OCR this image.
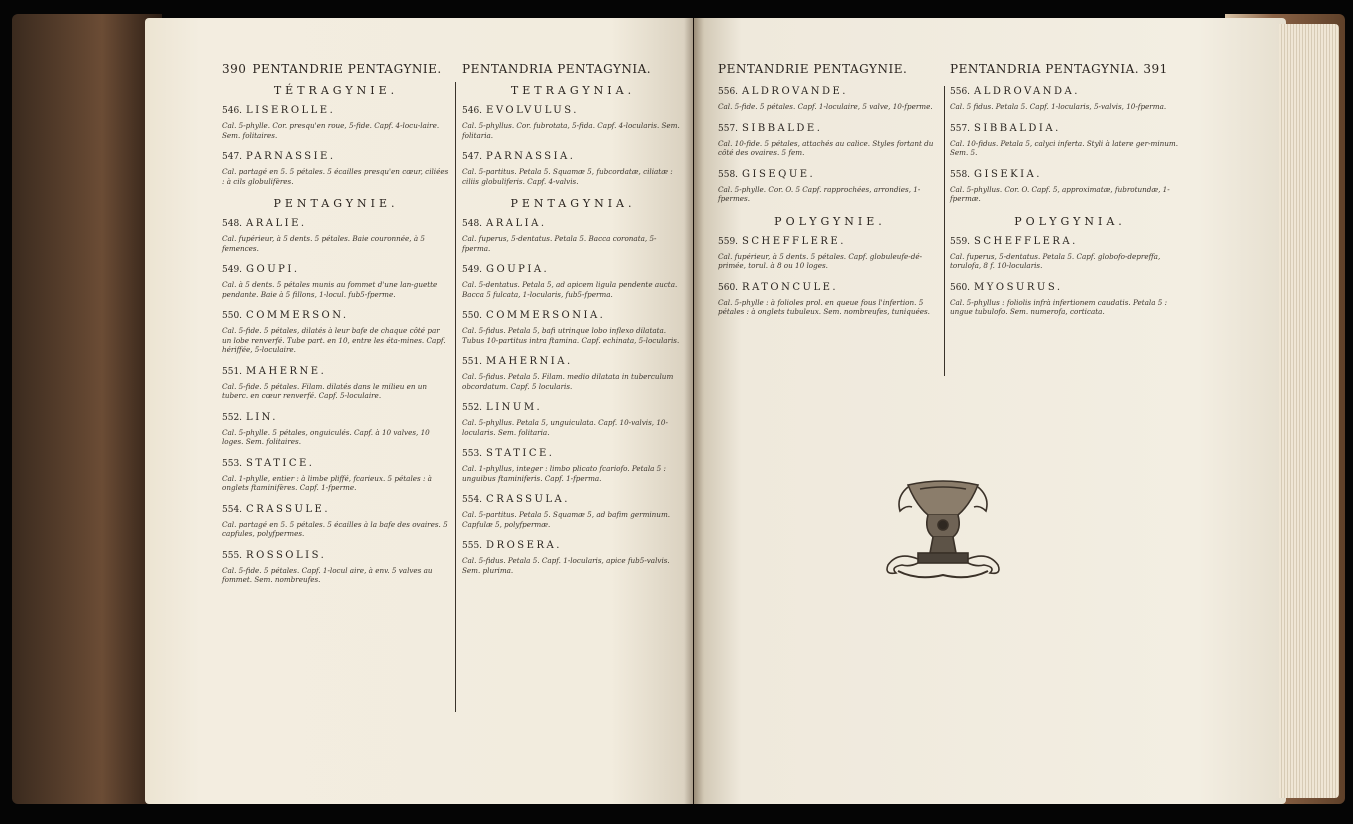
390 PENTANDRIE PENTAGYNIE.
TÉTRAGYNIE.
546. LISEROLLE.
Cal. 5-phylle. Cor. presqu'en roue, 5-fide. Capf. 4-locu-laire. Sem. folitaires.
547. PARNASSIE.
Cal. partagé en 5. 5 pétales. 5 écailles presqu'en cœur, ciliées : à cils globulifères.
PENTAGYNIE.
548. ARALIE.
Cal. fupérieur, à 5 dents. 5 pétales. Baie couronnée, à 5 femences.
549. GOUPI.
Cal. à 5 dents. 5 pétales munis au fommet d'une lan-guette pendante. Baie à 5 fillons, 1-locul. fub5-fperme.
550. COMMERSON.
Cal. 5-fide. 5 pétales, dilatés à leur bafe de chaque côté par un lobe renverfé. Tube part. en 10, entre les éta-mines. Capf. hériffée, 5-loculaire.
551. MAHERNE.
Cal. 5-fide. 5 pétales. Filam. dilatés dans le milieu en un tuberc. en cœur renverfé. Capf. 5-loculaire.
552. LIN.
Cal. 5-phylle. 5 pétales, onguiculés. Capf. à 10 valves, 10 loges. Sem. folitaires.
553. STATICE.
Cal. 1-phylle, entier : à limbe pliffé, fcarieux. 5 pétales : à onglets ftaminifères. Capf. 1-fperme.
554. CRASSULE.
Cal. partagé en 5. 5 pétales. 5 écailles à la bafe des ovaires. 5 capfules, polyfpermes.
555. ROSSOLIS.
Cal. 5-fide. 5 pétales. Capf. 1-locul aire, à env. 5 valves au fommet. Sem. nombreufes.
PENTANDRIA PENTAGYNIA.
TETRAGYNIA.
546. EVOLVULUS.
Cal. 5-phyllus. Cor. fubrotata, 5-fida. Capf. 4-locularis. Sem. folitaria.
547. PARNASSIA.
Cal. 5-partitus. Petala 5. Squamæ 5, fubcordatæ, ciliatæ : ciliis globuliferis. Capf. 4-valvis.
PENTAGYNIA.
548. ARALIA.
Cal. fuperus, 5-dentatus. Petala 5. Bacca coronata, 5-fperma.
549. GOUPIA.
Cal. 5-dentatus. Petala 5, ad apicem ligula pendente aucta. Bacca 5 fulcata, 1-locularis, fub5-fperma.
550. COMMERSONIA.
Cal. 5-fidus. Petala 5, bafi utrinque lobo inflexo dilatata. Tubus 10-partitus intra ftamina. Capf. echinata, 5-locularis.
551. MAHERNIA.
Cal. 5-fidus. Petala 5. Filam. medio dilatata in tuberculum obcordatum. Capf. 5 locularis.
552. LINUM.
Cal. 5-phyllus. Petala 5, unguiculata. Capf. 10-valvis, 10-locularis. Sem. folitaria.
553. STATICE.
Cal. 1-phyllus, integer : limbo plicato fcariofo. Petala 5 : unguibus ftaminiferis. Capf. 1-fperma.
554. CRASSULA.
Cal. 5-partitus. Petala 5. Squamæ 5, ad bafim germinum. Capfulæ 5, polyfpermæ.
555. DROSERA.
Cal. 5-fidus. Petala 5. Capf. 1-locularis, apice fub5-valvis. Sem. plurima.
PENTANDRIE PENTAGYNIE.
556. ALDROVANDE.
Cal. 5-fide. 5 pétales. Capf. 1-loculaire, 5 valve, 10-fperme.
557. SIBBALDE.
Cal. 10-fide. 5 pétales, attachés au calice. Styles fortant du côté des ovaires. 5 fem.
558. GISEQUE.
Cal. 5-phylle. Cor. O. 5 Capf. rapprochées, arrondies, 1-fpermes.
POLYGYNIE.
559. SCHEFFLERE.
Cal. fupérieur, à 5 dents. 5 pétales. Capf. globuleufe-dé-primée, torul. à 8 ou 10 loges.
560. RATONCULE.
Cal. 5-phylle : à folioles prol. en queue fous l'infertion. 5 pétales : à onglets tubuleux. Sem. nombreufes, tuniquées.
PENTANDRIA PENTAGYNIA. 391
556. ALDROVANDA.
Cal. 5 fidus. Petala 5. Capf. 1-locularis, 5-valvis, 10-fperma.
557. SIBBALDIA.
Cal. 10-fidus. Petala 5, calyci inferta. Styli à latere ger-minum. Sem. 5.
558. GISEKIA.
Cal. 5-phyllus. Cor. O. Capf. 5, approximatæ, fubrotundæ, 1-fpermæ.
POLYGYNIA.
559. SCHEFFLERA.
Cal. fuperus, 5-dentatus. Petala 5. Capf. globofo-depreffa, torulofa, 8 f. 10-locularis.
560. MYOSURUS.
Cal. 5-phyllus : foliolis infrà infertionem caudatis. Petala 5 : ungue tubulofo. Sem. numerofa, corticata.
